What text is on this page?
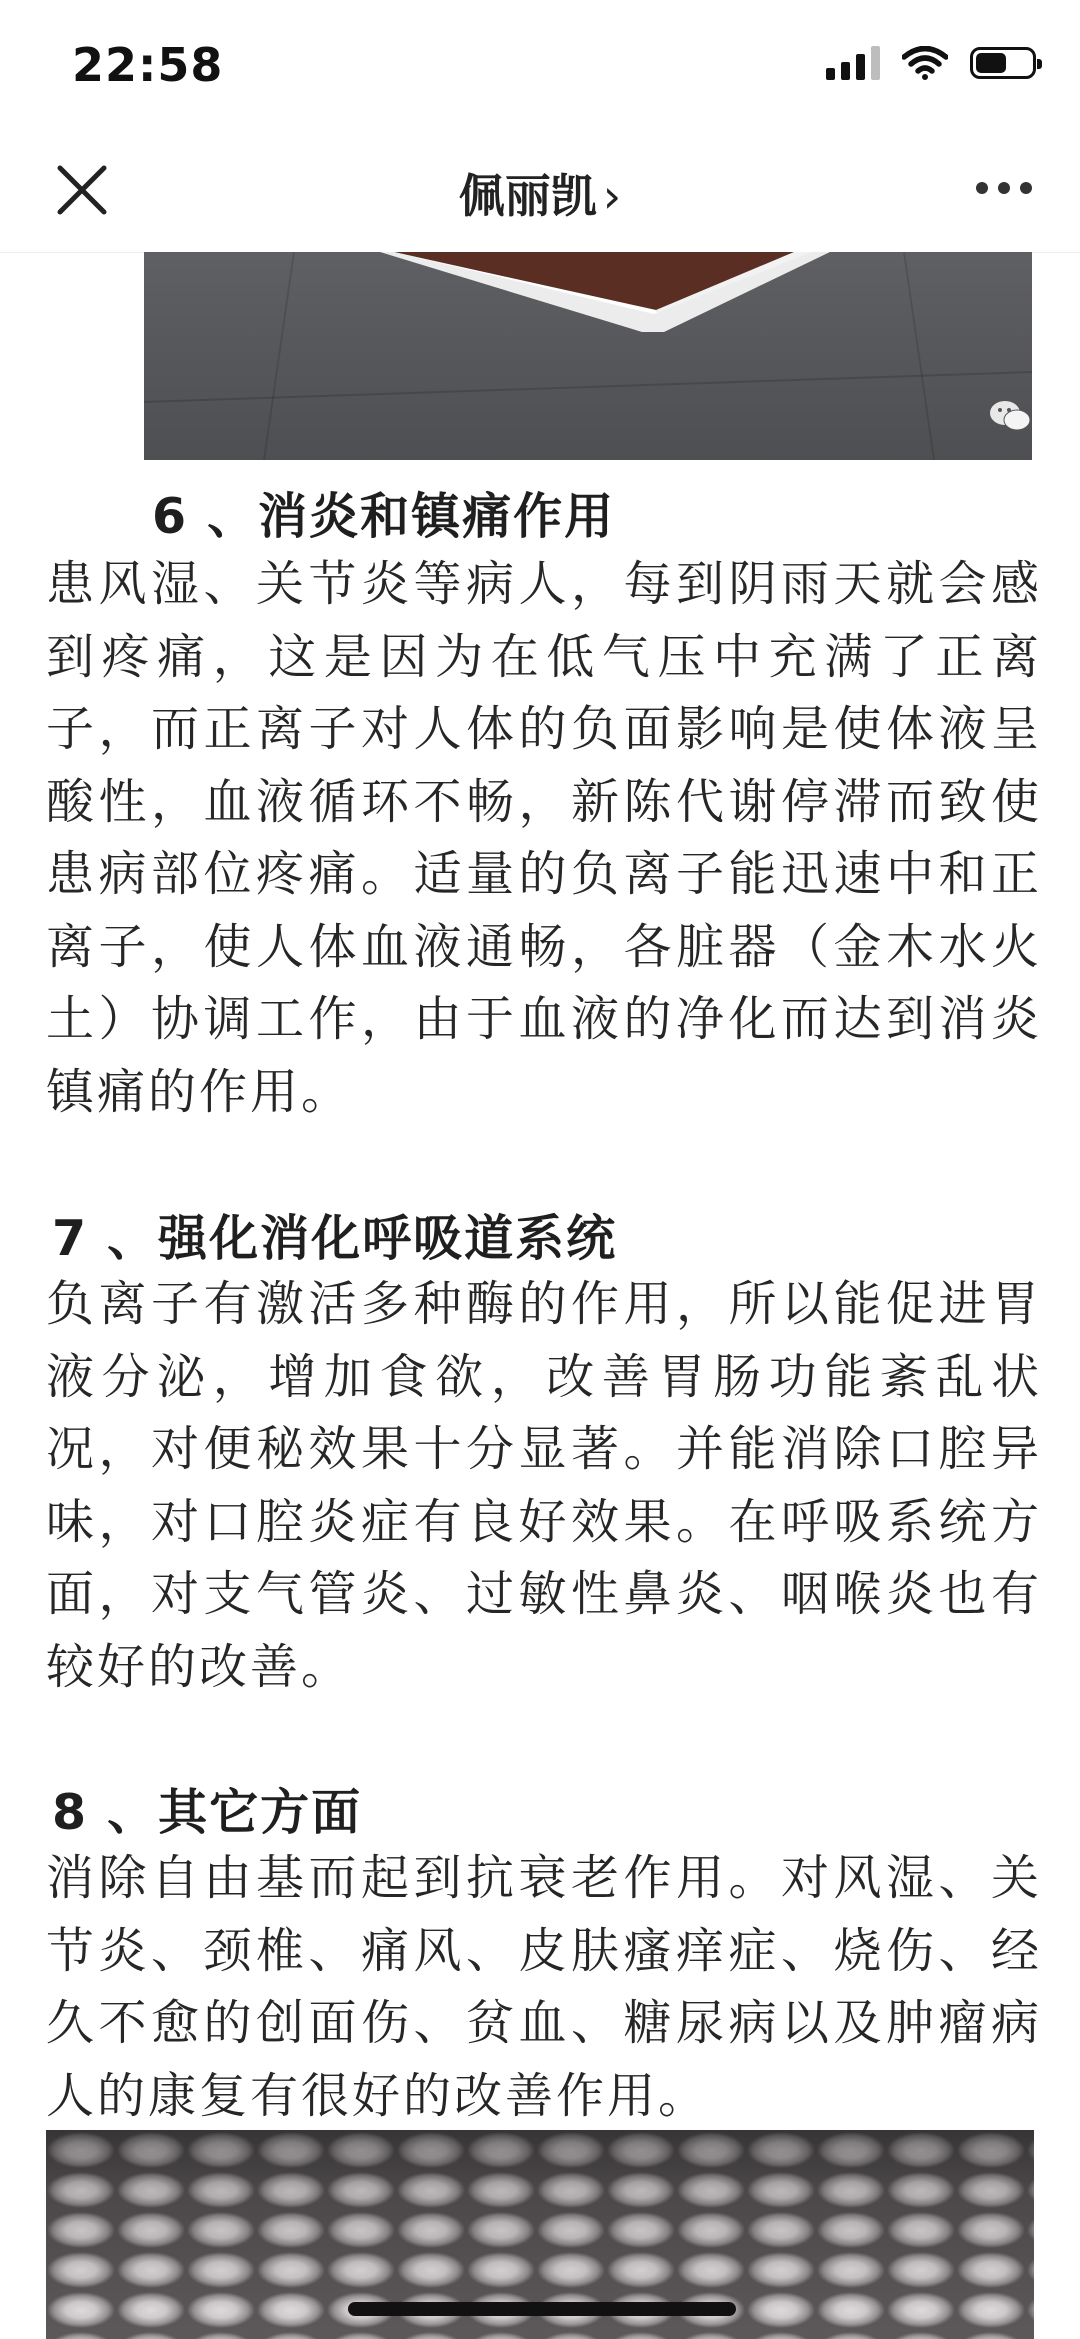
22:58
佩丽凯 ›
6 、消炎和镇痛作用
患风湿、关节炎等病人，每到阴雨天就会感到疼痛，这是因为在低气压中充满了正离子，而正离子对人体的负面影响是使体液呈酸性，血液循环不畅，新陈代谢停滞而致使患病部位疼痛。适量的负离子能迅速中和正离子，使人体血液通畅，各脏器（金木水火土）协调工作，由于血液的净化而达到消炎镇痛的作用。
7 、强化消化呼吸道系统
负离子有激活多种酶的作用，所以能促进胃液分泌，增加食欲，改善胃肠功能紊乱状况，对便秘效果十分显著。并能消除口腔异味，对口腔炎症有良好效果。在呼吸系统方面，对支气管炎、过敏性鼻炎、咽喉炎也有较好的改善。
8 、其它方面
消除自由基而起到抗衰老作用。对风湿、关节炎、颈椎、痛风、皮肤瘙痒症、烧伤、经久不愈的创面伤、贫血、糖尿病以及肿瘤病人的康复有很好的改善作用。
